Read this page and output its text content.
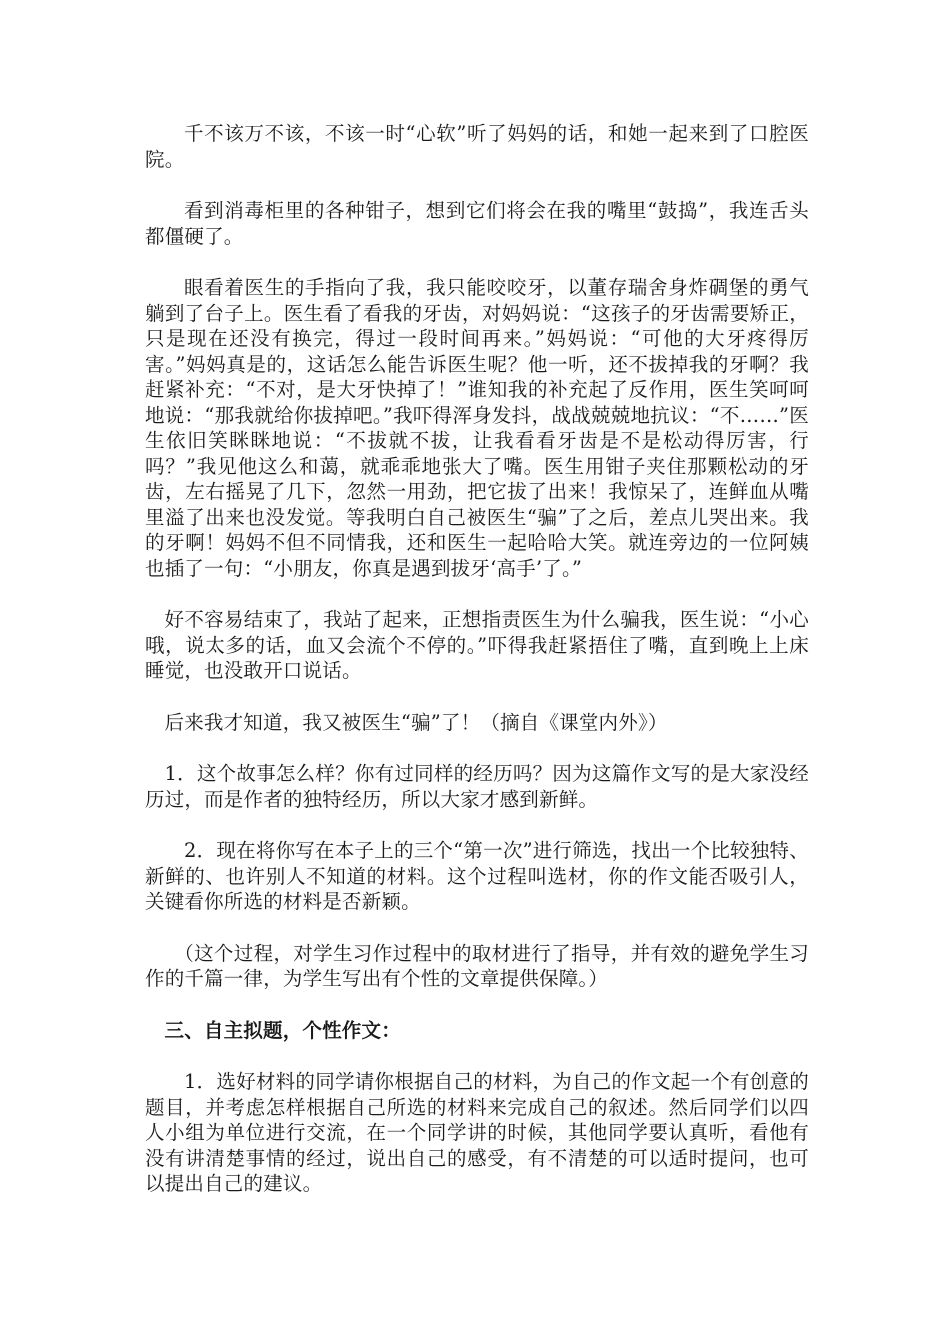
千不该万不该，不该一时“心软”听了妈妈的话，和她一起来到了口腔医院。

看到消毒柜里的各种钳子，想到它们将会在我的嘴里“鼓捣”，我连舌头都僵硬了。

眼看着医生的手指向了我，我只能咬咬牙，以董存瑞舍身炸碉堡的勇气躺到了台子上。医生看了看我的牙齿，对妈妈说：“这孩子的牙齿需要矫正，只是现在还没有换完，得过一段时间再来。”妈妈说：“可他的大牙疼得厉害。”妈妈真是的，这话怎么能告诉医生呢？他一听，还不拔掉我的牙啊？我赶紧补充：“不对，是大牙快掉了！”谁知我的补充起了反作用，医生笑呵呵地说：“那我就给你拔掉吧。”我吓得浑身发抖，战战兢兢地抗议：“不……”医生依旧笑眯眯地说：“不拔就不拔，让我看看牙齿是不是松动得厉害，行吗？”我见他这么和蔼，就乖乖地张大了嘴。医生用钳子夹住那颗松动的牙齿，左右摇晃了几下，忽然一用劲，把它拔了出来！我惊呆了，连鲜血从嘴里溢了出来也没发觉。等我明白自己被医生“骗”了之后，差点儿哭出来。我的牙啊！妈妈不但不同情我，还和医生一起哈哈大笑。就连旁边的一位阿姨也插了一句：“小朋友，你真是遇到拔牙‘高手’了。”

好不容易结束了，我站了起来，正想指责医生为什么骗我，医生说：“小心哦，说太多的话，血又会流个不停的。”吓得我赶紧捂住了嘴，直到晚上上床睡觉，也没敢开口说话。

后来我才知道，我又被医生“骗”了！（摘自《课堂内外》）

1．这个故事怎么样？你有过同样的经历吗？因为这篇作文写的是大家没经历过，而是作者的独特经历，所以大家才感到新鲜。

2．现在将你写在本子上的三个“第一次”进行筛选，找出一个比较独特、新鲜的、也许别人不知道的材料。这个过程叫选材，你的作文能否吸引人，关键看你所选的材料是否新颖。

（这个过程，对学生习作过程中的取材进行了指导，并有效的避免学生习作的千篇一律，为学生写出有个性的文章提供保障。）

三、自主拟题，个性作文：

1．选好材料的同学请你根据自己的材料，为自己的作文起一个有创意的题目，并考虑怎样根据自己所选的材料来完成自己的叙述。然后同学们以四人小组为单位进行交流，在一个同学讲的时候，其他同学要认真听，看他有没有讲清楚事情的经过，说出自己的感受，有不清楚的可以适时提问，也可以提出自己的建议。
